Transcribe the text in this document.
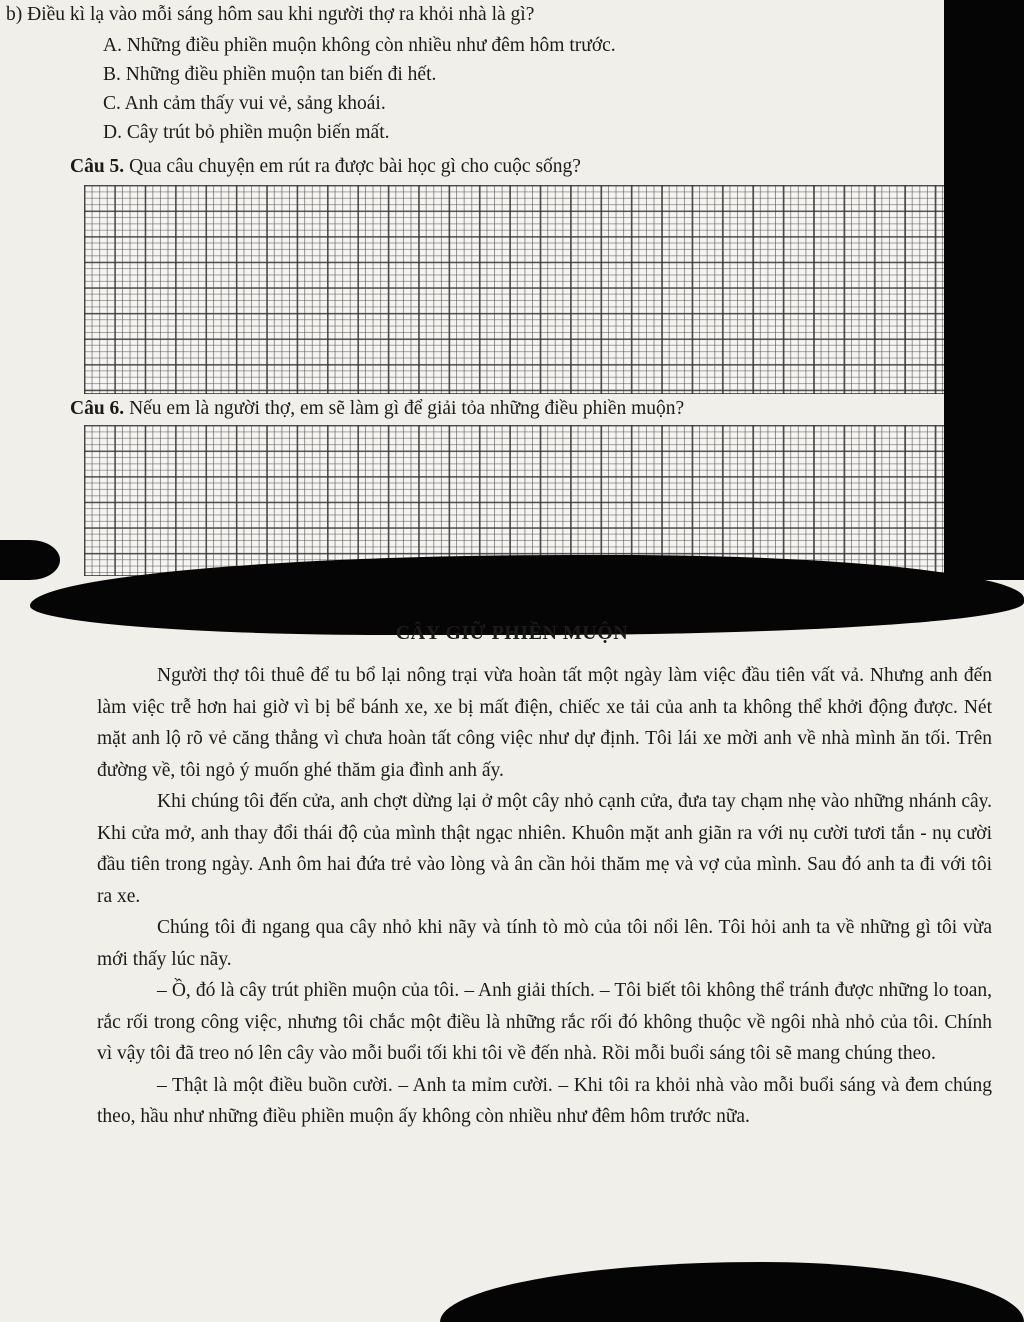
b) Điều kì lạ vào mỗi sáng hôm sau khi người thợ ra khỏi nhà là gì?
A. Những điều phiền muộn không còn nhiều như đêm hôm trước.
B. Những điều phiền muộn tan biến đi hết.
C. Anh cảm thấy vui vẻ, sảng khoái.
D. Cây trút bỏ phiền muộn biến mất.
Câu 5. Qua câu chuyện em rút ra được bài học gì cho cuộc sống?
Câu 6. Nếu em là người thợ, em sẽ làm gì để giải tỏa những điều phiền muộn?
CÂY GIỮ PHIỀN MUỘN

Người thợ tôi thuê để tu bổ lại nông trại vừa hoàn tất một ngày làm việc đầu tiên vất vả. Nhưng anh đến làm việc trễ hơn hai giờ vì bị bể bánh xe, xe bị mất điện, chiếc xe tải của anh ta không thể khởi động được. Nét mặt anh lộ rõ vẻ căng thẳng vì chưa hoàn tất công việc như dự định. Tôi lái xe mời anh về nhà mình ăn tối. Trên đường về, tôi ngỏ ý muốn ghé thăm gia đình anh ấy.

Khi chúng tôi đến cửa, anh chợt dừng lại ở một cây nhỏ cạnh cửa, đưa tay chạm nhẹ vào những nhánh cây. Khi cửa mở, anh thay đổi thái độ của mình thật ngạc nhiên. Khuôn mặt anh giãn ra với nụ cười tươi tắn - nụ cười đầu tiên trong ngày. Anh ôm hai đứa trẻ vào lòng và ân cần hỏi thăm mẹ và vợ của mình. Sau đó anh ta đi với tôi ra xe.

Chúng tôi đi ngang qua cây nhỏ khi nãy và tính tò mò của tôi nổi lên. Tôi hỏi anh ta về những gì tôi vừa mới thấy lúc nãy.

– Ồ, đó là cây trút phiền muộn của tôi. – Anh giải thích. – Tôi biết tôi không thể tránh được những lo toan, rắc rối trong công việc, nhưng tôi chắc một điều là những rắc rối đó không thuộc về ngôi nhà nhỏ của tôi. Chính vì vậy tôi đã treo nó lên cây vào mỗi buổi tối khi tôi về đến nhà. Rồi mỗi buổi sáng tôi sẽ mang chúng theo.

– Thật là một điều buồn cười. – Anh ta mỉm cười. – Khi tôi ra khỏi nhà vào mỗi buổi sáng và đem chúng theo, hầu như những điều phiền muộn ấy không còn nhiều như đêm hôm trước nữa.
